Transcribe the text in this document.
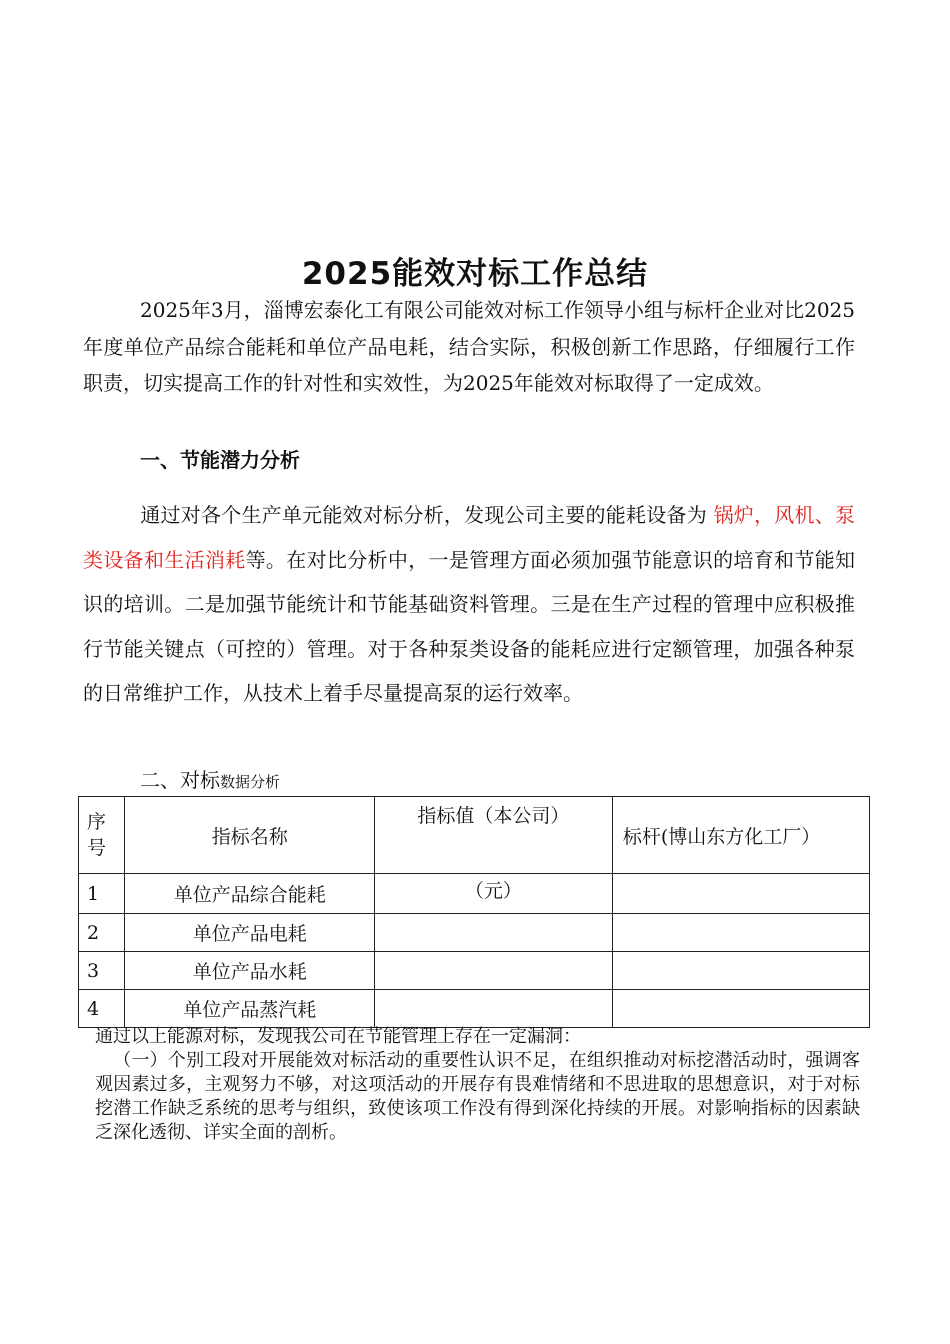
2025能效对标工作总结

2025年3月，淄博宏泰化工有限公司能效对标工作领导小组与标杆企业对比2025年度单位产品综合能耗和单位产品电耗，结合实际，积极创新工作思路，仔细履行工作职责，切实提高工作的针对性和实效性，为2025年能效对标取得了一定成效。

一、节能潜力分析

通过对各个生产单元能效对标分析，发现公司主要的能耗设备为 锅炉，风机、泵类设备和生活消耗等。在对比分析中，一是管理方面必须加强节能意识的培育和节能知识的培训。二是加强节能统计和节能基础资料管理。三是在生产过程的管理中应积极推行节能关键点（可控的）管理。对于各种泵类设备的能耗应进行定额管理，加强各种泵的日常维护工作，从技术上着手尽量提高泵的运行效率。

二、对标数据分析

序号	指标名称	指标值（本公司）	标杆(博山东方化工厂）
1	单位产品综合能耗	（元）	
2	单位产品电耗		
3	单位产品水耗		
4	单位产品蒸汽耗		

通过以上能源对标，发现我公司在节能管理上存在一定漏洞：
（一）个别工段对开展能效对标活动的重要性认识不足，在组织推动对标挖潜活动时，强调客观因素过多，主观努力不够，对这项活动的开展存有畏难情绪和不思进取的思想意识，对于对标挖潜工作缺乏系统的思考与组织，致使该项工作没有得到深化持续的开展。对影响指标的因素缺乏深化透彻、详实全面的剖析。
